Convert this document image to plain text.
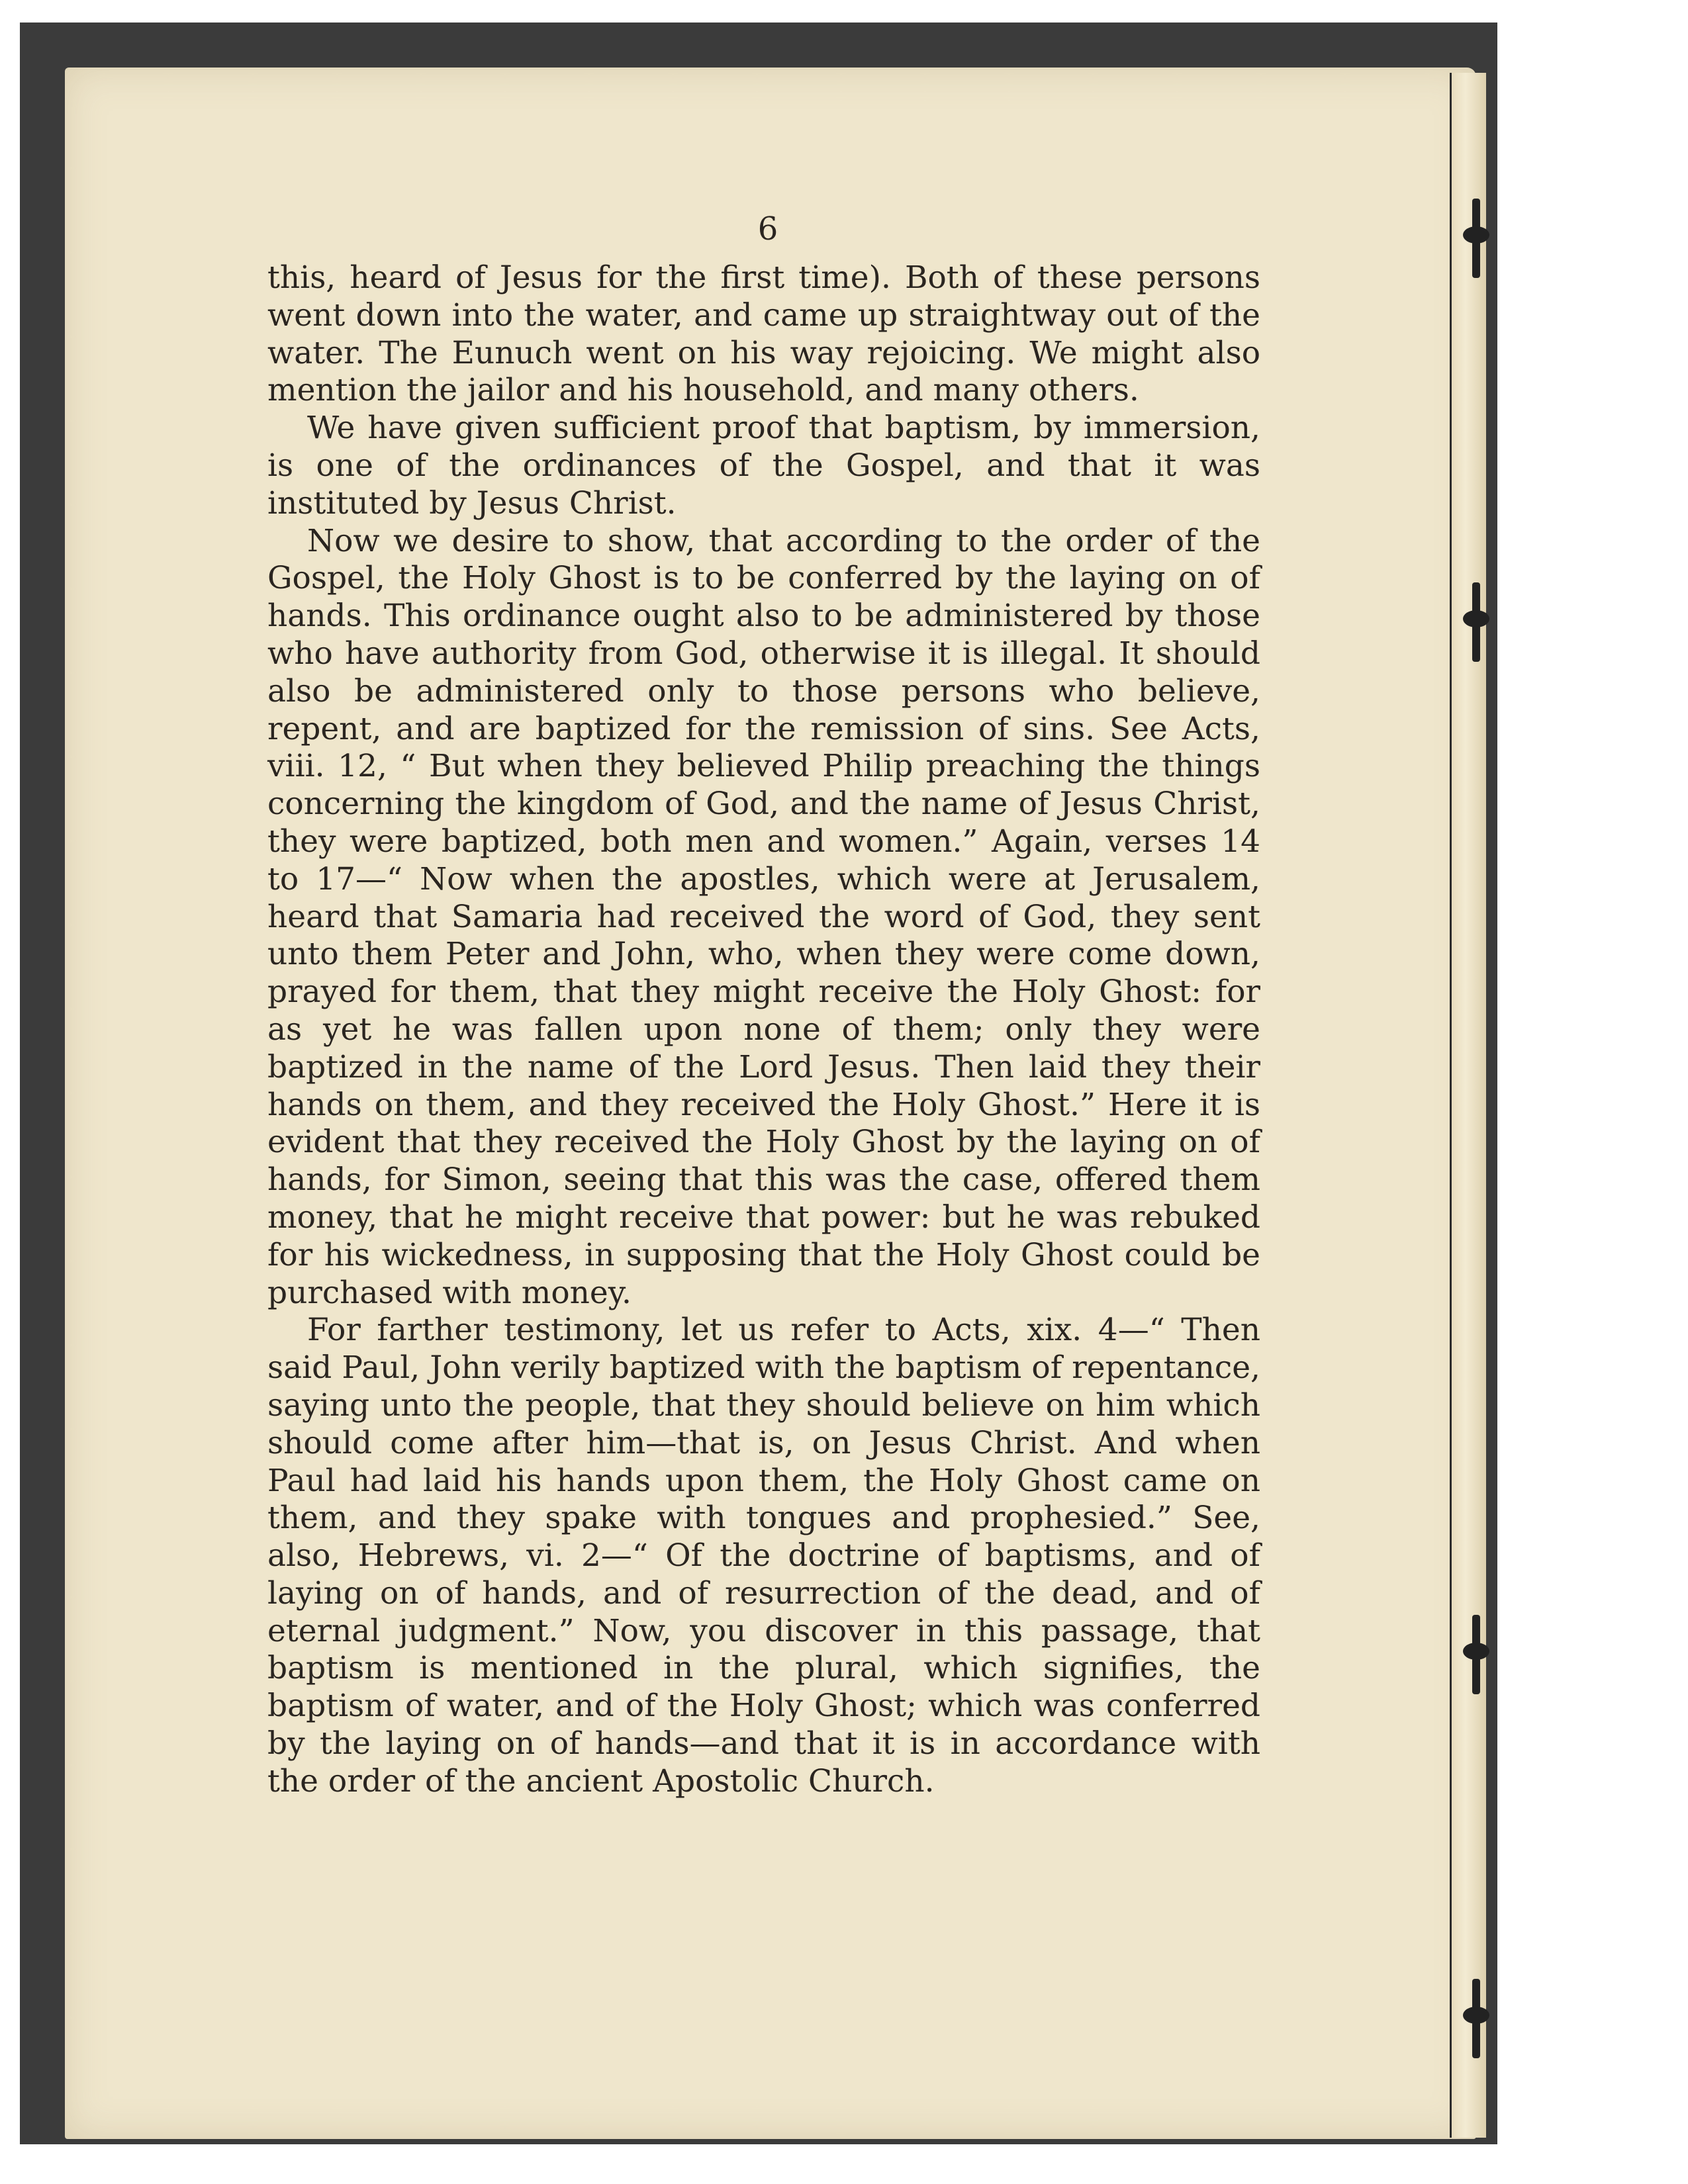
6

this, heard of Jesus for the first time). Both of these persons went down into the water, and came up straightway out of the water. The Eunuch went on his way rejoicing. We might also mention the jailor and his household, and many others.

We have given sufficient proof that baptism, by immersion, is one of the ordinances of the Gospel, and that it was instituted by Jesus Christ.

Now we desire to show, that according to the order of the Gospel, the Holy Ghost is to be conferred by the laying on of hands. This ordinance ought also to be administered by those who have authority from God, otherwise it is illegal. It should also be administered only to those persons who believe, repent, and are baptized for the remission of sins. See Acts, viii. 12, “ But when they believed Philip preaching the things concerning the kingdom of God, and the name of Jesus Christ, they were baptized, both men and women.” Again, verses 14 to 17—“ Now when the apostles, which were at Jerusalem, heard that Samaria had received the word of God, they sent unto them Peter and John, who, when they were come down, prayed for them, that they might receive the Holy Ghost: for as yet he was fallen upon none of them; only they were baptized in the name of the Lord Jesus. Then laid they their hands on them, and they received the Holy Ghost.” Here it is evident that they received the Holy Ghost by the laying on of hands, for Simon, seeing that this was the case, offered them money, that he might receive that power: but he was rebuked for his wickedness, in supposing that the Holy Ghost could be purchased with money.

For farther testimony, let us refer to Acts, xix. 4—“ Then said Paul, John verily baptized with the baptism of repentance, saying unto the people, that they should believe on him which should come after him—that is, on Jesus Christ. And when Paul had laid his hands upon them, the Holy Ghost came on them, and they spake with tongues and prophesied.” See, also, Hebrews, vi. 2—“ Of the doctrine of baptisms, and of laying on of hands, and of resurrection of the dead, and of eternal judgment.” Now, you discover in this passage, that baptism is mentioned in the plural, which signifies, the baptism of water, and of the Holy Ghost; which was conferred by the laying on of hands—and that it is in accordance with the order of the ancient Apostolic Church.
